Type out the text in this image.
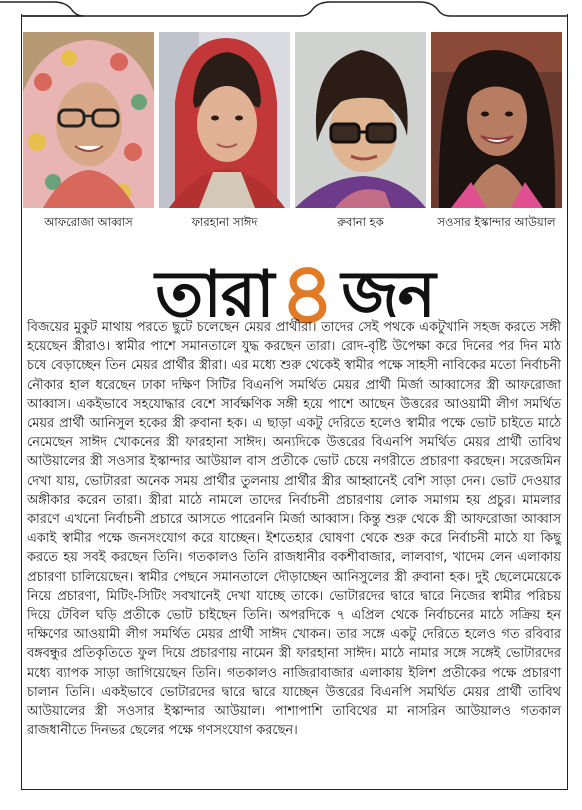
আফরোজা আব্বাস	ফারহানা সাঈদ	রুবানা হক	সওসার ইস্কান্দার আউয়াল
তারা৪জন
বিজয়ের মুকুট মাথায় পরতে ছুটে চলেছেন মেয়র প্রার্থীরা। তাদের সেই পথকে একটুখানি সহজ করতে সঙ্গী হয়েছেন স্ত্রীরাও। স্বামীর পাশে সমানতালে যুদ্ধ করছেন তারা। রোদ-বৃষ্টি উপেক্ষা করে দিনের পর দিন মাঠ চষে বেড়াচ্ছেন তিন মেয়র প্রার্থীর স্ত্রীরা। এর মধ্যে শুরু থেকেই স্বামীর পক্ষে সাহসী নাবিকের মতো নির্বাচনী নৌকার হাল ধরেছেন ঢাকা দক্ষিণ সিটির বিএনপি সমর্থিত মেয়র প্রার্থী মির্জা আব্বাসের স্ত্রী আফরোজা আব্বাস। একইভাবে সহযোদ্ধার বেশে সার্বক্ষণিক সঙ্গী হয়ে পাশে আছেন উত্তরের আওয়ামী লীগ সমর্থিত মেয়র প্রার্থী আনিসুল হকের স্ত্রী রুবানা হক। এ ছাড়া একটু দেরিতে হলেও স্বামীর পক্ষে ভোট চাইতে মাঠে নেমেছেন সাঈদ খোকনের স্ত্রী ফারহানা সাঈদ। অন্যদিকে উত্তরের বিএনপি সমর্থিত মেয়র প্রার্থী তাবিথ আউয়ালের স্ত্রী সওসার ইস্কান্দার আউয়াল বাস প্রতীকে ভোট চেয়ে নগরীতে প্রচারণা করছেন। সরেজমিন দেখা যায়, ভোটাররা অনেক সময় প্রার্থীর তুলনায় প্রার্থীর স্ত্রীর আহ্বানেই বেশি সাড়া দেন। ভোট দেওয়ার অঙ্গীকার করেন তারা। স্ত্রীরা মাঠে নামলে তাদের নির্বাচনী প্রচারণায় লোক সমাগম হয় প্রচুর। মামলার কারণে এখনো নির্বাচনী প্রচারে আসতে পারেননি মির্জা আব্বাস। কিন্তু শুরু থেকে স্ত্রী আফরোজা আব্বাস একাই স্বামীর পক্ষে জনসংযোগ করে যাচ্ছেন। ইশতেহার ঘোষণা থেকে শুরু করে নির্বাচনী মাঠে যা কিছু করতে হয় সবই করছেন তিনি। গতকালও তিনি রাজধানীর বকশীবাজার, লালবাগ, খাদেম লেন এলাকায় প্রচারণা চালিয়েছেন। স্বামীর পেছনে সমানতালে দৌড়াচ্ছেন আনিসুলের স্ত্রী রুবানা হক। দুই ছেলেমেয়েকে নিয়ে প্রচারণা, মিটিং-সিটিং সবখানেই দেখা যাচ্ছে তাকে। ভোটারদের দ্বারে দ্বারে নিজের স্বামীর পরিচয় দিয়ে টেবিল ঘড়ি প্রতীকে ভোট চাইছেন তিনি। অপরদিকে ৭ এপ্রিল থেকে নির্বাচনের মাঠে সক্রিয় হন দক্ষিণের আওয়ামী লীগ সমর্থিত মেয়র প্রার্থী সাঈদ খোকন। তার সঙ্গে একটু দেরিতে হলেও গত রবিবার বঙ্গবন্ধুর প্রতিকৃতিতে ফুল দিয়ে প্রচারণায় নামেন স্ত্রী ফারহানা সাঈদ। মাঠে নামার সঙ্গে সঙ্গেই ভোটারদের মধ্যে ব্যাপক সাড়া জাগিয়েছেন তিনি। গতকালও নাজিরাবাজার এলাকায় ইলিশ প্রতীকের পক্ষে প্রচারণা চালান তিনি। একইভাবে ভোটারদের দ্বারে দ্বারে যাচ্ছেন উত্তরের বিএনপি সমর্থিত মেয়র প্রার্থী তাবিথ আউয়ালের স্ত্রী সওসার ইস্কান্দার আউয়াল। পাশাপাশি তাবিথের মা নাসরিন আউয়ালও গতকাল রাজধানীতে দিনভর ছেলের পক্ষে গণসংযোগ করছেন।
